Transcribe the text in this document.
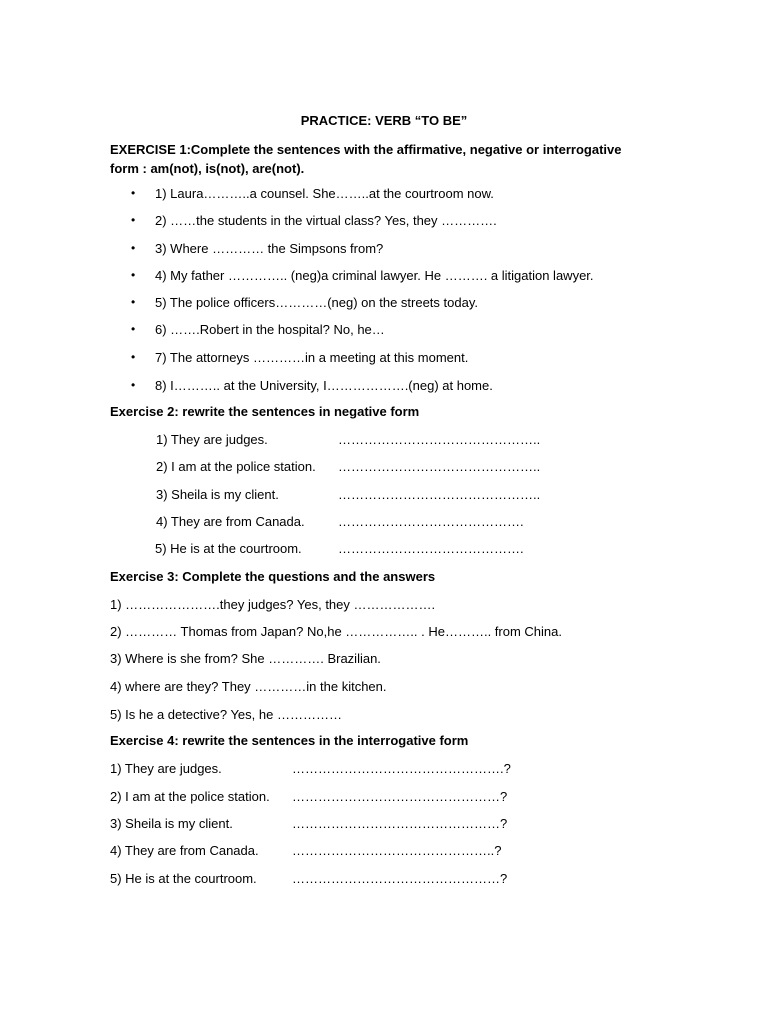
PRACTICE: VERB “TO BE”
EXERCISE 1:Complete the sentences with the affirmative, negative or interrogative form : am(not), is(not), are(not).
• 1) Laura………..a counsel. She……..at the courtroom now.
• 2) ……the students in the virtual class? Yes, they ………….
• 3) Where ………… the Simpsons from?
• 4) My father ………….. (neg)a criminal lawyer. He ………. a litigation lawyer.
• 5) The police officers…………(neg) on the streets today.
• 6) …….Robert in the hospital? No, he…
• 7) The attorneys …………in a meeting at this moment.
• 8) I……….. at the University, I……………….(neg) at home.
Exercise 2: rewrite the sentences in negative form
1) They are judges.	………………………………………..
2) I am at the police station. ………………………………………..
3) Sheila is my client.	………………………………………..
4) They are from Canada.	…………………………………….
5) He is at the courtroom.	…………………………………….
Exercise 3: Complete the questions and the answers
1) ………………….they judges? Yes, they ……………….
2) ………… Thomas from Japan? No,he …………….. . He……….. from China.
3) Where is she from? She …………. Brazilian.
4) where are they? They …………in the kitchen.
5) Is he a detective? Yes, he ……………
Exercise 4: rewrite the sentences in the interrogative form
1) They are judges.	………………………………………….?
2) I am at the police station. …………………………………………?
3) Sheila is my client.	…………………………………………?
4) They are from Canada.	………………………………………..?
5) He is at the courtroom.	…………………………………………?
